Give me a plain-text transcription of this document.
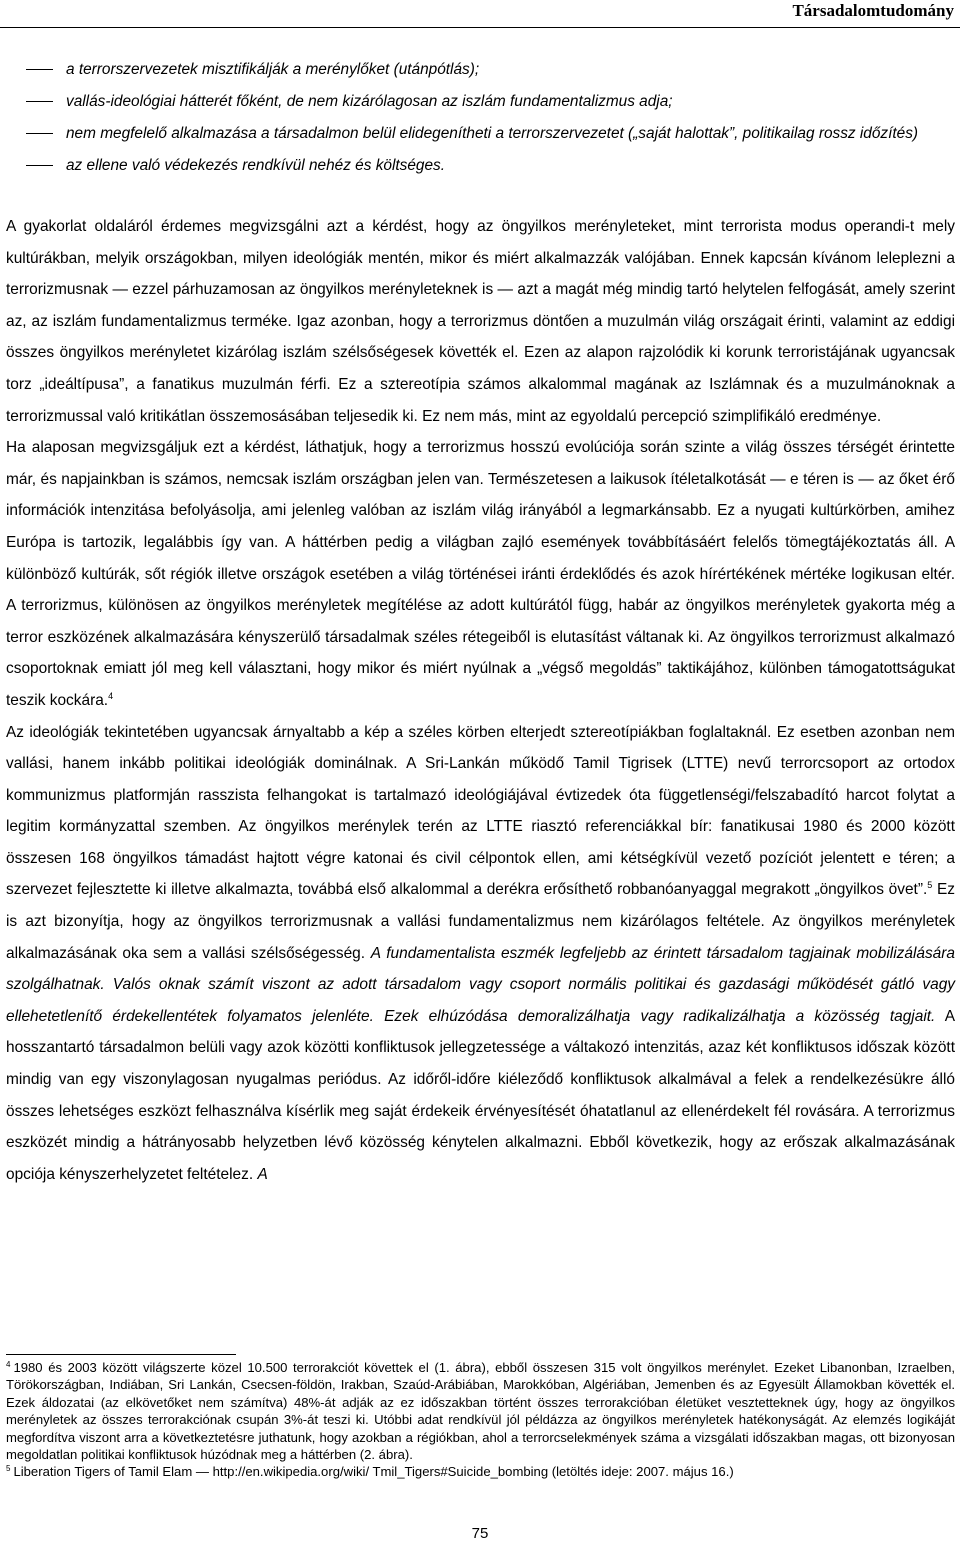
Társadalomtudomány
a terrorszervezetek misztifikálják a merénylőket (utánpótlás);
vallás-ideológiai hátterét főként, de nem kizárólagosan az iszlám fundamentalizmus adja;
nem megfelelő alkalmazása a társadalmon belül elidegenítheti a terrorszervezetet („saját halottak”, politikailag rossz időzítés)
az ellene való védekezés rendkívül nehéz és költséges.

A gyakorlat oldaláról érdemes megvizsgálni azt a kérdést, hogy az öngyilkos merényleteket, mint terrorista modus operandi-t mely kultúrákban, melyik országokban, milyen ideológiák mentén, mikor és miért alkalmazzák valójában. Ennek kapcsán kívánom leleplezni a terrorizmusnak — ezzel párhuzamosan az öngyilkos merényleteknek is — azt a magát még mindig tartó helytelen felfogását, amely szerint az, az iszlám fundamentalizmus terméke. Igaz azonban, hogy a terrorizmus döntően a muzulmán világ országait érinti, valamint az eddigi összes öngyilkos merényletet kizárólag iszlám szélsőségesek követték el. Ezen az alapon rajzolódik ki korunk terroristájának ugyancsak torz „ideáltípusa”, a fanatikus muzulmán férfi. Ez a sztereotípia számos alkalommal magának az Iszlámnak és a muzulmánoknak a terrorizmussal való kritikátlan összemosásában teljesedik ki. Ez nem más, mint az egyoldalú percepció szimplifikáló eredménye.

Ha alaposan megvizsgáljuk ezt a kérdést, láthatjuk, hogy a terrorizmus hosszú evolúciója során szinte a világ összes térségét érintette már, és napjainkban is számos, nemcsak iszlám országban jelen van. Természetesen a laikusok ítéletalkotását — e téren is — az őket érő információk intenzitása befolyásolja, ami jelenleg valóban az iszlám világ irányából a legmarkánsabb. Ez a nyugati kultúrkörben, amihez Európa is tartozik, legalábbis így van. A háttérben pedig a világban zajló események továbbításáért felelős tömegtájékoztatás áll. A különböző kultúrák, sőt régiók illetve országok esetében a világ történései iránti érdeklődés és azok hírértékének mértéke logikusan eltér. A terrorizmus, különösen az öngyilkos merényletek megítélése az adott kultúrától függ, habár az öngyilkos merényletek gyakorta még a terror eszközének alkalmazására kényszerülő társadalmak széles rétegeiből is elutasítást váltanak ki. Az öngyilkos terrorizmust alkalmazó csoportoknak emiatt jól meg kell választani, hogy mikor és miért nyúlnak a „végső megoldás” taktikájához, különben támogatottságukat teszik kockára.$^4$

Az ideológiák tekintetében ugyancsak árnyaltabb a kép a széles körben elterjedt sztereotípiákban foglaltaknál. Ez esetben azonban nem vallási, hanem inkább politikai ideológiák dominálnak. A Sri-Lankán működő Tamil Tigrisek (LTTE) nevű terrorcsoport az ortodox kommunizmus platformján rasszista felhangokat is tartalmazó ideológiájával évtizedek óta függetlenségi/felszabadító harcot folytat a legitim kormányzattal szemben. Az öngyilkos merénylek terén az LTTE riasztó referenciákkal bír: fanatikusai 1980 és 2000 között összesen 168 öngyilkos támadást hajtott végre katonai és civil célpontok ellen, ami kétségkívül vezető pozíciót jelentett e téren; a szervezet fejlesztette ki illetve alkalmazta, továbbá első alkalommal a derékra erősíthető robbanóanyaggal megrakott „öngyilkos övet”.$^5$ Ez is azt bizonyítja, hogy az öngyilkos terrorizmusnak a vallási fundamentalizmus nem kizárólagos feltétele. Az öngyilkos merényletek alkalmazásának oka sem a vallási szélsőségesség. A fundamentalista eszmék legfeljebb az érintett társadalom tagjainak mobilizálására szolgálhatnak. Valós oknak számít viszont az adott társadalom vagy csoport normális politikai és gazdasági működését gátló vagy ellehetetlenítő érdekellentétek folyamatos jelenléte. Ezek elhúzódása demoralizálhatja vagy radikalizálhatja a közösség tagjait. A hosszantartó társadalmon belüli vagy azok közötti konfliktusok jellegzetessége a váltakozó intenzitás, azaz két konfliktusos időszak között mindig van egy viszonylagosan nyugalmas periódus. Az időről-időre kiéleződő konfliktusok alkalmával a felek a rendelkezésükre álló összes lehetséges eszközt felhasználva kísérlik meg saját érdekeik érvényesítését óhatatlanul az ellenérdekelt fél rovására. A terrorizmus eszközét mindig a hátrányosabb helyzetben lévő közösség kénytelen alkalmazni. Ebből következik, hogy az erőszak alkalmazásának opciója kényszerhelyzetet feltételez. A

$^4$ 1980 és 2003 között világszerte közel 10.500 terrorakciót követtek el (1. ábra), ebből összesen 315 volt öngyilkos merénylet. Ezeket Libanonban, Izraelben, Törökországban, Indiában, Sri Lankán, Csecsen-földön, Irakban, Szaúd-Arábiában, Marokkóban, Algériában, Jemenben és az Egyesült Államokban követték el. Ezek áldozatai (az elkövetőket nem számítva) 48%-át adják az ez időszakban történt összes terrorakcióban életüket vesztetteknek úgy, hogy az öngyilkos merényletek az összes terrorakciónak csupán 3%-át teszi ki. Utóbbi adat rendkívül jól példázza az öngyilkos merényletek hatékonyságát. Az elemzés logikáját megfordítva viszont arra a következtetésre juthatunk, hogy azokban a régiókban, ahol a terrorcselekmények száma a vizsgálati időszakban magas, ott bizonyosan megoldatlan politikai konfliktusok húzódnak meg a háttérben (2. ábra).

$^5$ Liberation Tigers of Tamil Elam — http://en.wikipedia.org/wiki/ Tmil_Tigers#Suicide_bombing (letöltés ideje: 2007. május 16.)

75
